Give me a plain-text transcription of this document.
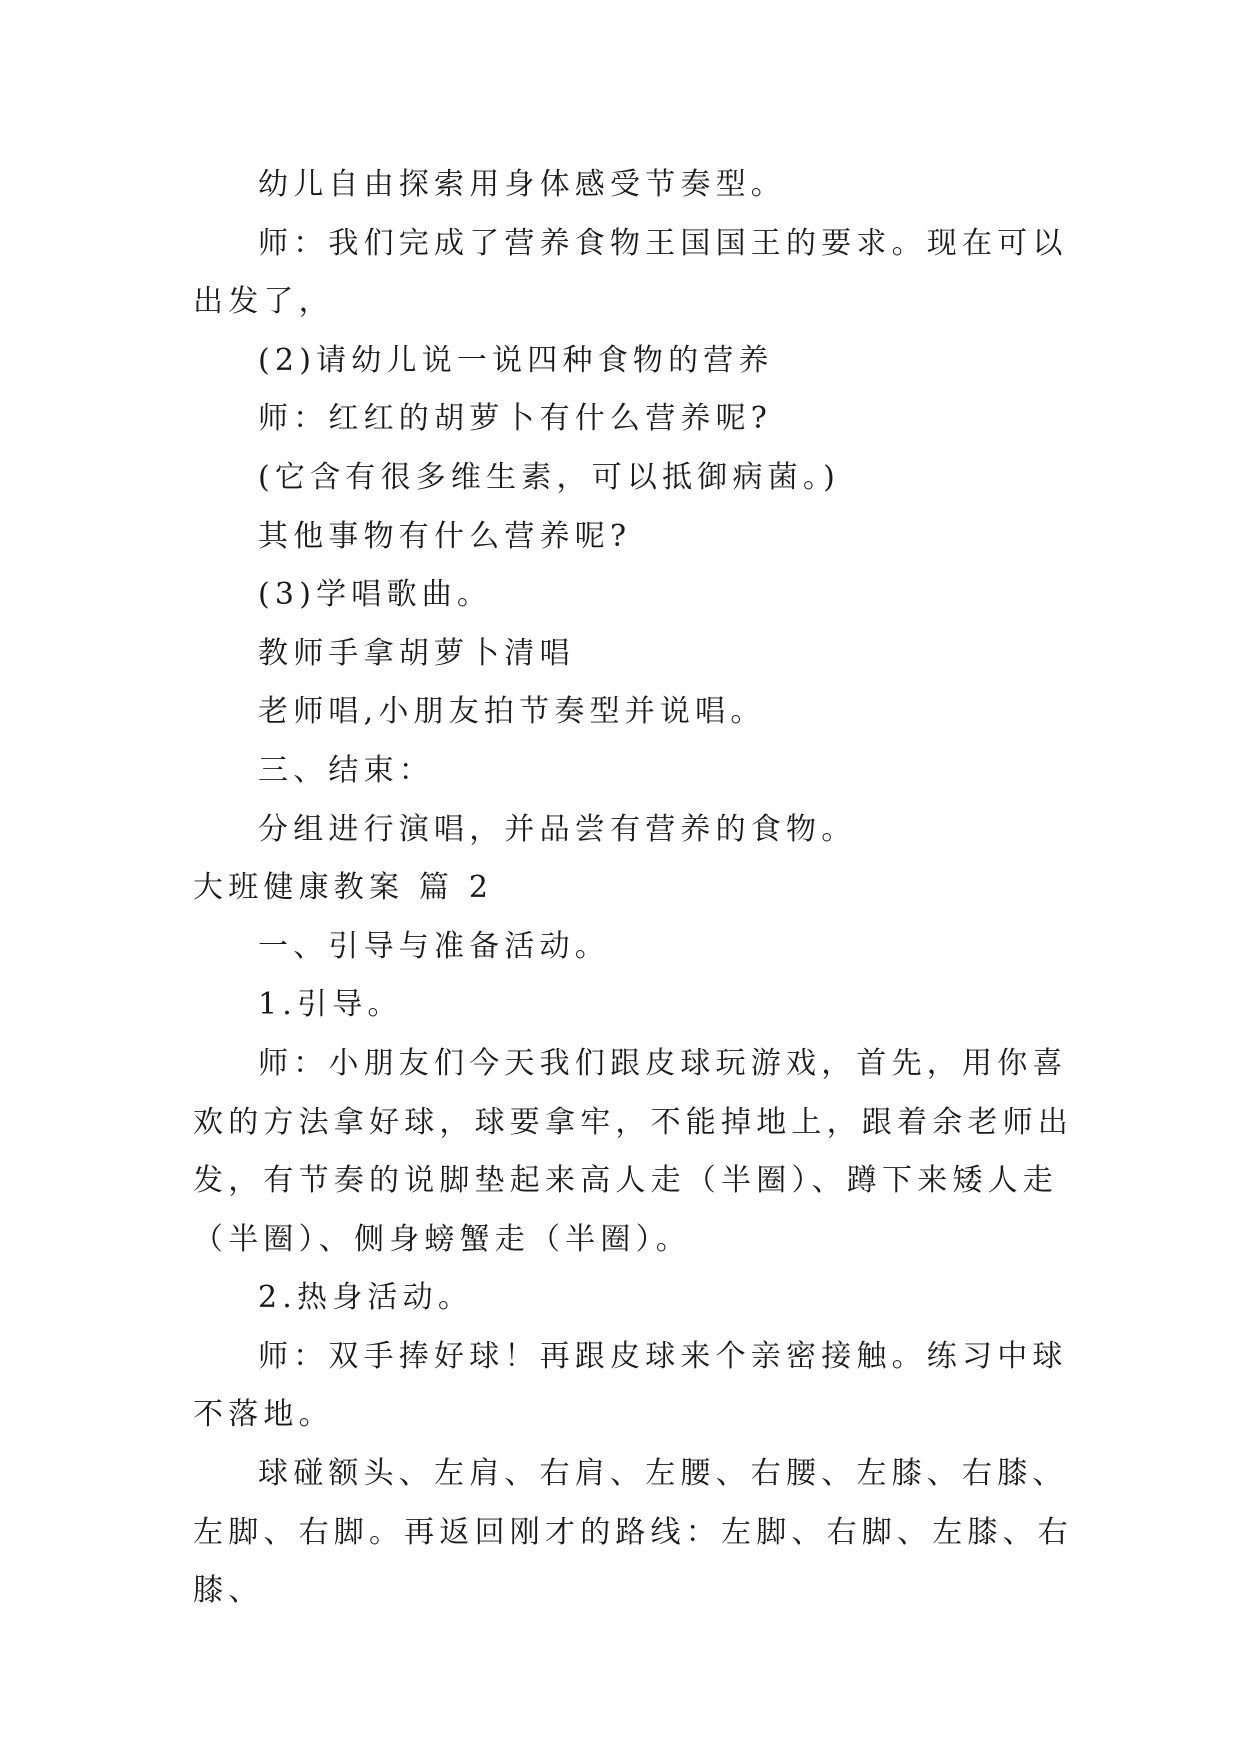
幼儿自由探索用身体感受节奏型。

师：我们完成了营养食物王国国王的要求。现在可以出发了，

(2)请幼儿说一说四种食物的营养

师：红红的胡萝卜有什么营养呢?

(它含有很多维生素，可以抵御病菌。)

其他事物有什么营养呢?

(3)学唱歌曲。

教师手拿胡萝卜清唱

老师唱,小朋友拍节奏型并说唱。

三、结束：

分组进行演唱，并品尝有营养的食物。

大班健康教案 篇 2

一、引导与准备活动。

1.引导。

师：小朋友们今天我们跟皮球玩游戏，首先，用你喜欢的方法拿好球，球要拿牢，不能掉地上，跟着余老师出发，有节奏的说脚垫起来高人走（半圈）、蹲下来矮人走（半圈）、侧身螃蟹走（半圈）。

2.热身活动。

师：双手捧好球！再跟皮球来个亲密接触。练习中球不落地。

球碰额头、左肩、右肩、左腰、右腰、左膝、右膝、左脚、右脚。再返回刚才的路线：左脚、右脚、左膝、右膝、
